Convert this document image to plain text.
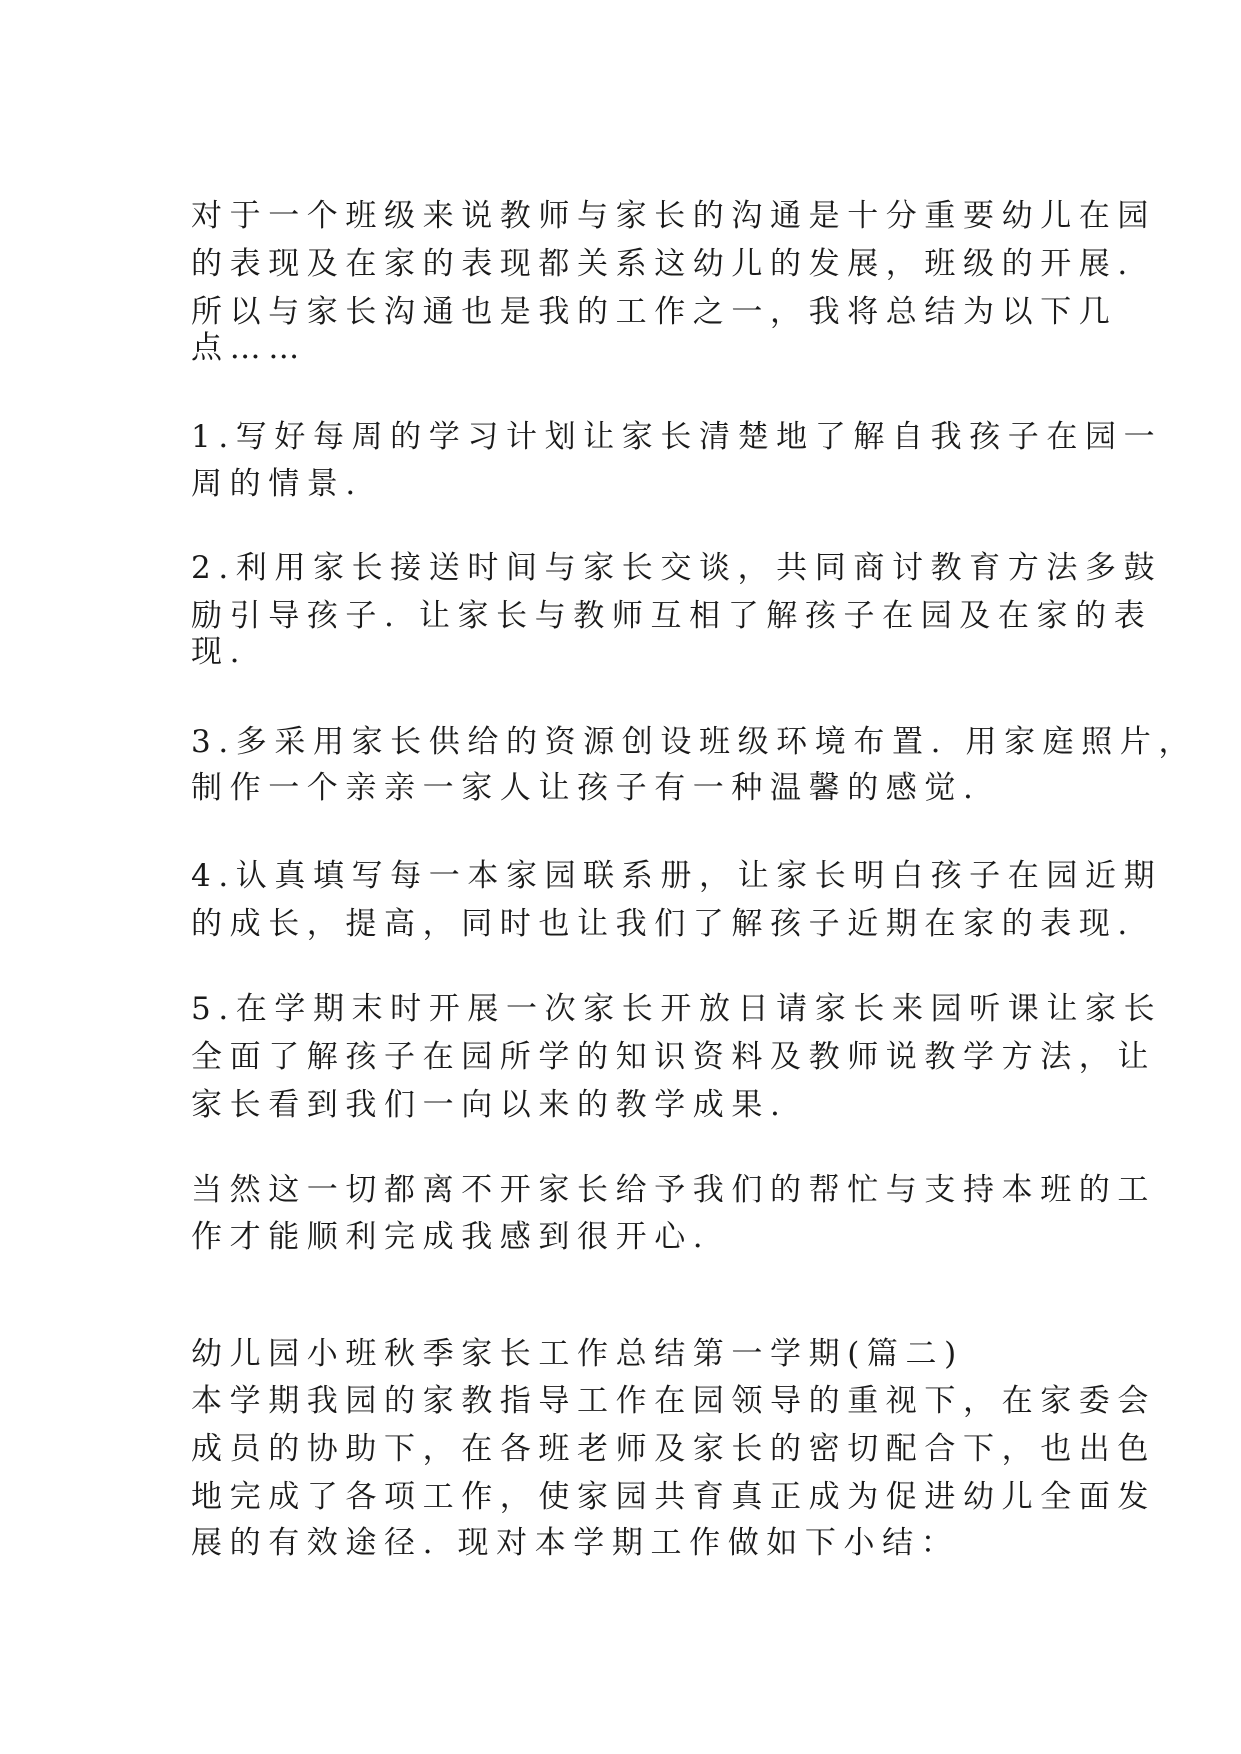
对于一个班级来说教师与家长的沟通是十分重要幼儿在园
的表现及在家的表现都关系这幼儿的发展，班级的开展.
所以与家长沟通也是我的工作之一，我将总结为以下几
点……
1.写好每周的学习计划让家长清楚地了解自我孩子在园一
周的情景.
2.利用家长接送时间与家长交谈，共同商讨教育方法多鼓
励引导孩子. 让家长与教师互相了解孩子在园及在家的表
现.
3.多采用家长供给的资源创设班级环境布置. 用家庭照片，
制作一个亲亲一家人让孩子有一种温馨的感觉.
4.认真填写每一本家园联系册，让家长明白孩子在园近期
的成长，提高，同时也让我们了解孩子近期在家的表现.
5.在学期末时开展一次家长开放日请家长来园听课让家长
全面了解孩子在园所学的知识资料及教师说教学方法，让
家长看到我们一向以来的教学成果.
当然这一切都离不开家长给予我们的帮忙与支持本班的工
作才能顺利完成我感到很开心.
幼儿园小班秋季家长工作总结第一学期(篇二)
本学期我园的家教指导工作在园领导的重视下，在家委会
成员的协助下，在各班老师及家长的密切配合下，也出色
地完成了各项工作，使家园共育真正成为促进幼儿全面发
展的有效途径. 现对本学期工作做如下小结：
